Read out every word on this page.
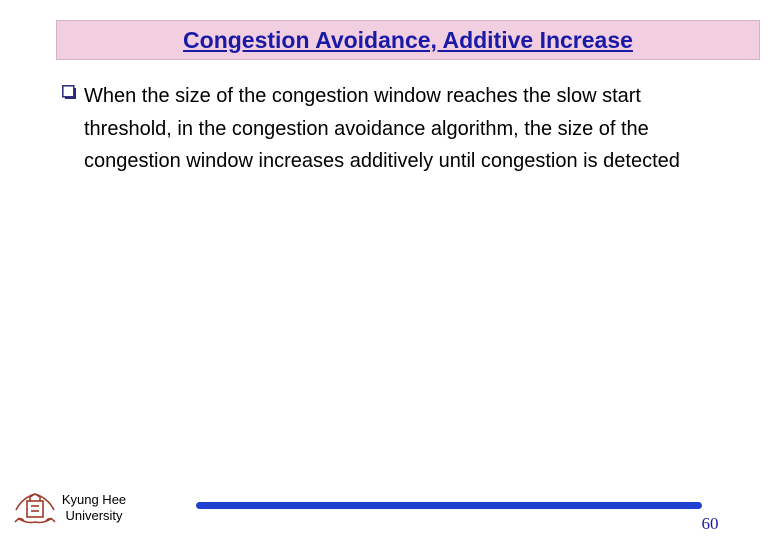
Congestion Avoidance, Additive Increase
When the size of the congestion window reaches the slow start threshold, in the congestion avoidance algorithm, the size of the congestion window increases additively until congestion is detected
Kyung Hee
University	60
